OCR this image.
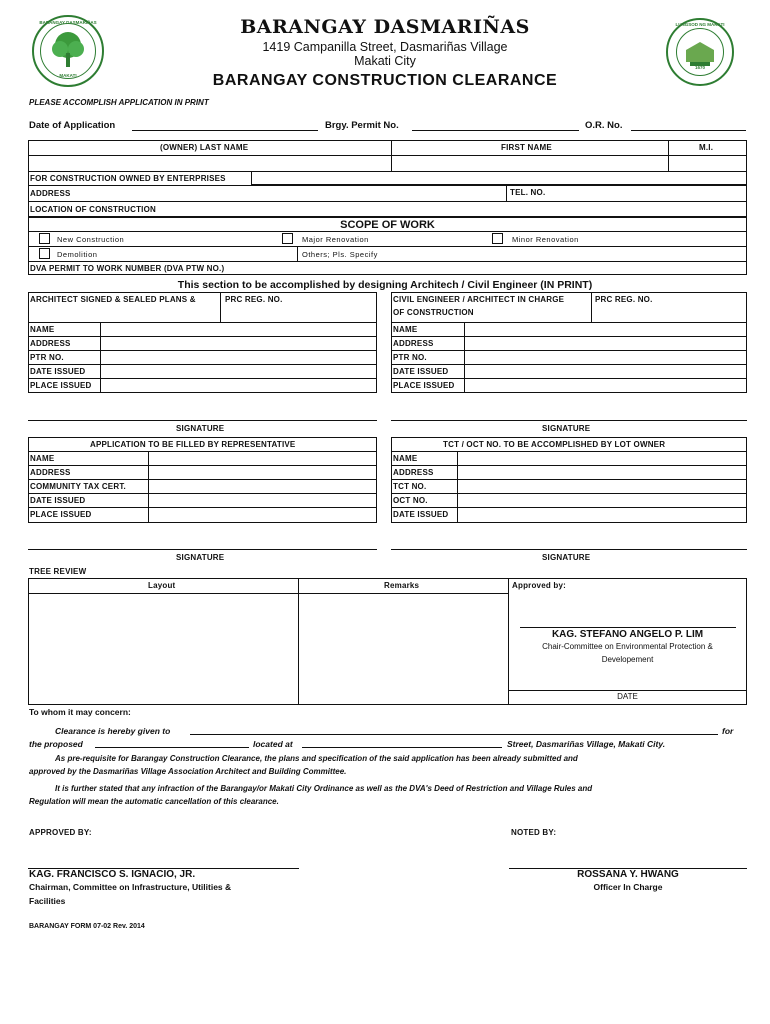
BARANGAY DASMARIÑAS
MAKATI
LUNGSOD NG MAKATI
1670
BARANGAY DASMARIÑAS
1419 Campanilla Street, Dasmariñas Village
Makati City
BARANGAY CONSTRUCTION CLEARANCE
PLEASE ACCOMPLISH APPLICATION IN PRINT
Date of Application	Brgy. Permit No.	O.R. No.
(OWNER) LAST NAME	FIRST NAME	M.I.
FOR CONSTRUCTION OWNED BY ENTERPRISES
ADDRESS	TEL. NO.
LOCATION OF CONSTRUCTION
SCOPE OF WORK
New Construction	Major Renovation	Minor Renovation
Demolition	Others; Pls. Specify
DVA PERMIT TO WORK NUMBER (DVA PTW NO.)
This section to be accomplished by designing Architech / Civil Engineer (IN PRINT)
ARCHITECT SIGNED & SEALED PLANS &	PRC REG. NO.
NAME
ADDRESS
PTR NO.
DATE ISSUED
PLACE ISSUED
CIVIL ENGINEER / ARCHITECT IN CHARGE
OF CONSTRUCTION
PRC REG. NO.
NAME
ADDRESS
PTR NO.
DATE ISSUED
PLACE ISSUED
SIGNATURE	SIGNATURE
APPLICATION TO BE FILLED BY REPRESENTATIVE
NAME
ADDRESS
COMMUNITY TAX CERT.
DATE ISSUED
PLACE ISSUED
TCT / OCT NO. TO BE ACCOMPLISHED BY LOT OWNER
NAME
ADDRESS
TCT NO.
OCT NO.
DATE ISSUED
SIGNATURE	SIGNATURE
TREE REVIEW
Layout	Remarks	Approved by:
KAG. STEFANO ANGELO P. LIM
Chair-Committee on Environmental Protection &
Developement
DATE
To whom it may concern:
Clearance is hereby given to	for
the proposed	located at	Street, Dasmariñas Village, Makati City.
As pre-requisite for Barangay Construction Clearance, the plans and specification of the said application has been already submitted and
approved by the Dasmariñas Village Association Architect and Building Committee.
It is further stated that any infraction of the Barangay/or Makati City Ordinance as well as the DVA's Deed of Restriction and Village Rules and
Regulation will mean the automatic cancellation of this clearance.
APPROVED BY:	NOTED BY:
KAG. FRANCISCO S. IGNACIO, JR.
Chairman, Committee on Infrastructure, Utilities &
Facilities
ROSSANA Y. HWANG
Officer In Charge
BARANGAY FORM 07-02 Rev. 2014
